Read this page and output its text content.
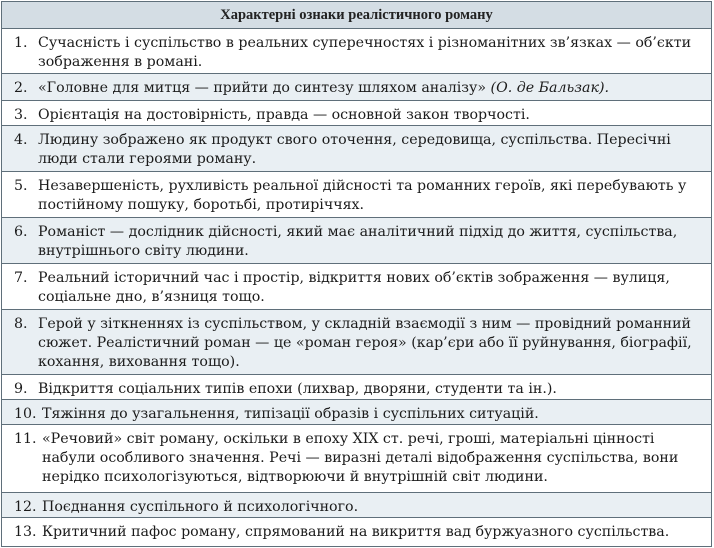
Характерні ознаки реалістичного роману
1. Сучасність і суспільство в реальних суперечностях і різноманітних зв’язках — об’єкти зображення в романі.
2. «Головне для митця — прийти до синтезу шляхом аналізу» (О. де Бальзак).
3. Орієнтація на достовірність, правда — основной закон творчості.
4. Людину зображено як продукт свого оточення, середовища, суспільства. Пересічні люди стали героями роману.
5. Незавершеність, рухливість реальної дійсності та романних героїв, які перебувають у постійному пошуку, боротьбі, протиріччях.
6. Романіст — дослідник дійсності, який має аналітичний підхід до життя, суспільства, внутрішнього світу людини.
7. Реальний історичний час і простір, відкриття нових об’єктів зображення — вулиця, соціальне дно, в’язниця тощо.
8. Герой у зіткненнях із суспільством, у складній взаємодії з ним — провідний романний сюжет. Реалістичний роман — це «роман героя» (кар’єри або її руйнування, біографії, кохання, виховання тощо).
9. Відкриття соціальних типів епохи (лихвар, дворяни, студенти та ін.).
10. Тяжіння до узагальнення, типізації образів і суспільних ситуацій.
11. «Речовий» світ роману, оскільки в епоху XIX ст. речі, гроші, матеріальні цінності набули особливого значення. Речі — виразні деталі відображення суспільства, вони нерідко психологізуються, відтворюючи й внутрішній світ людини.
12. Поєднання суспільного й психологічного.
13. Критичний пафос роману, спрямований на викриття вад буржуазного суспільства.
